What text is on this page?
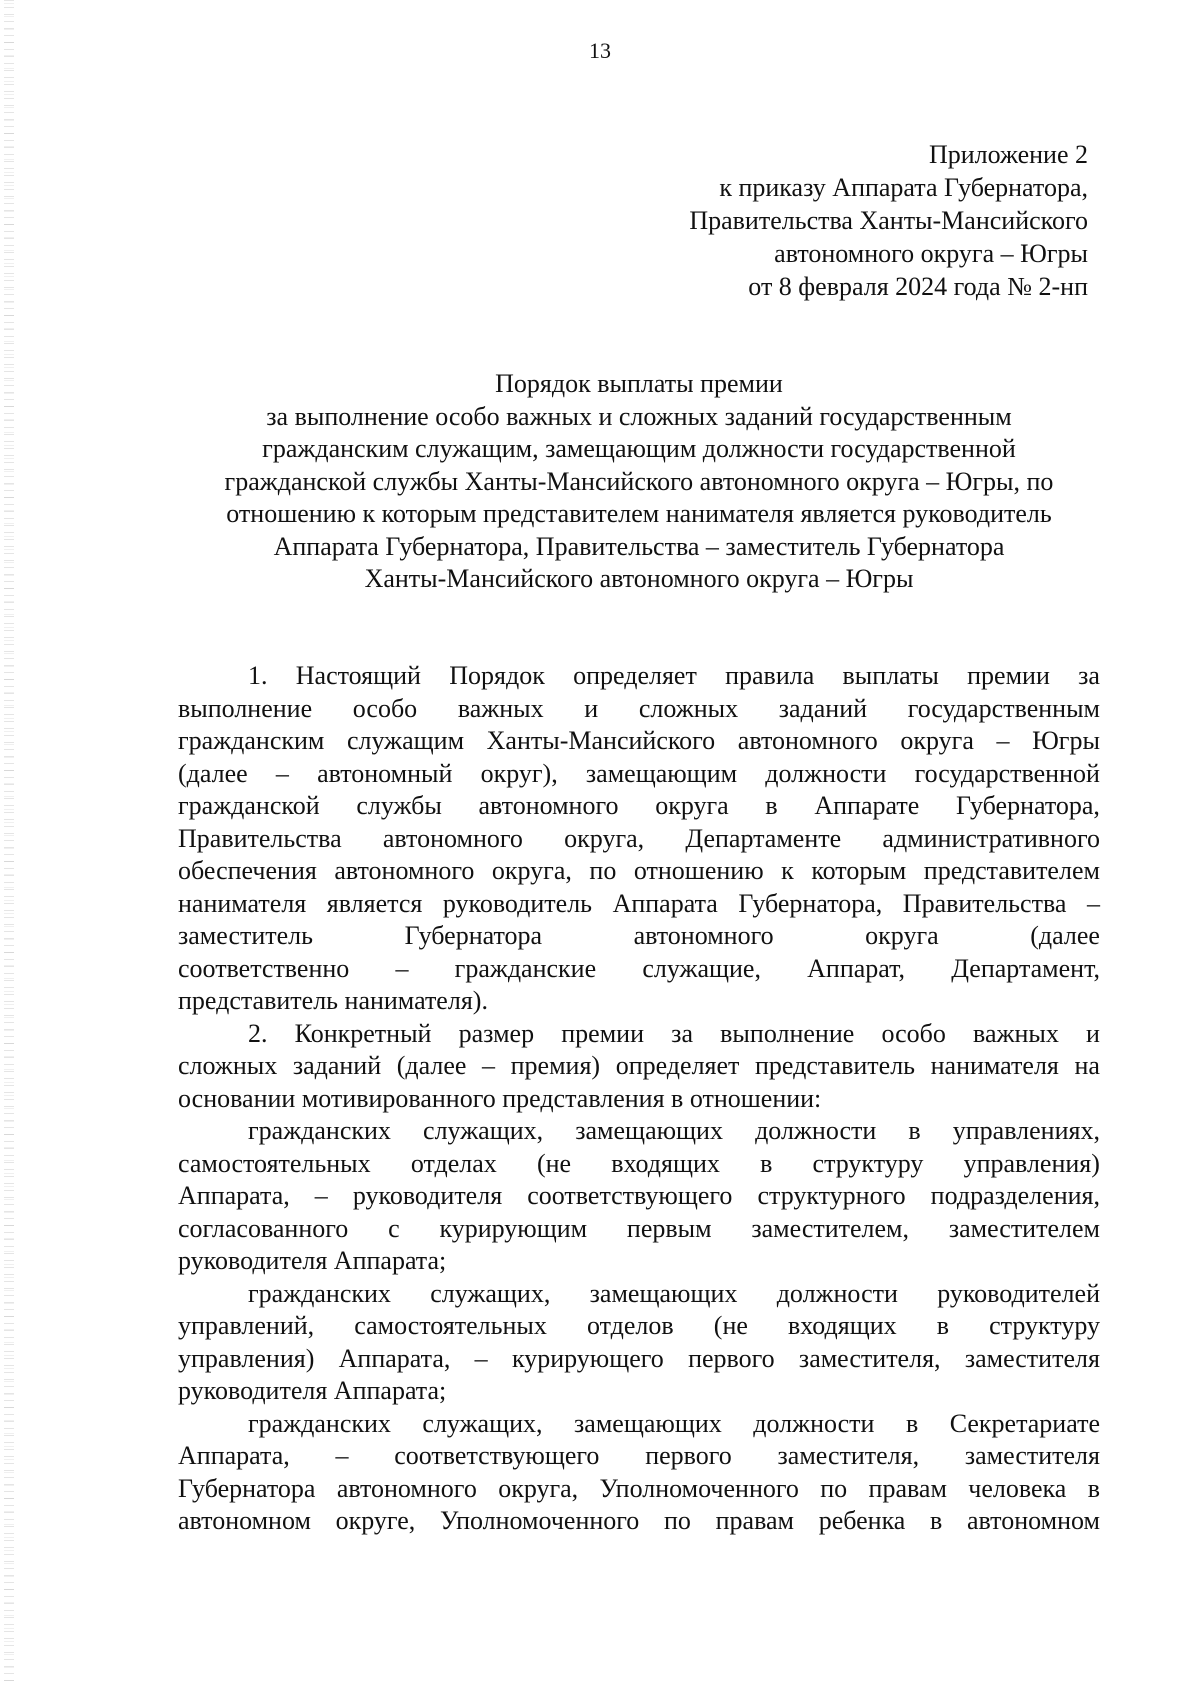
13
Приложение 2
к приказу Аппарата Губернатора,
Правительства Ханты-Мансийского
автономного округа – Югры
от 8 февраля 2024 года № 2-нп
Порядок выплаты премии
за выполнение особо важных и сложных заданий государственным
гражданским служащим, замещающим должности государственной
гражданской службы Ханты-Мансийского автономного округа – Югры, по
отношению к которым представителем нанимателя является руководитель
Аппарата Губернатора, Правительства – заместитель Губернатора
Ханты-Мансийского автономного округа – Югры
1. Настоящий Порядок определяет правила выплаты премии за
выполнение особо важных и сложных заданий государственным
гражданским служащим Ханты-Мансийского автономного округа – Югры
(далее – автономный округ), замещающим должности государственной
гражданской службы автономного округа в Аппарате Губернатора,
Правительства автономного округа, Департаменте административного
обеспечения автономного округа, по отношению к которым представителем
нанимателя является руководитель Аппарата Губернатора, Правительства –
заместитель	Губернатора	автономного	округа	(далее
соответственно – гражданские служащие, Аппарат, Департамент,
представитель нанимателя).
2. Конкретный размер премии за выполнение особо важных и
сложных заданий (далее – премия) определяет представитель нанимателя на
основании мотивированного представления в отношении:
гражданских служащих, замещающих должности в управлениях,
самостоятельных отделах (не входящих в структуру управления)
Аппарата, – руководителя соответствующего структурного подразделения,
согласованного с курирующим первым заместителем, заместителем
руководителя Аппарата;
гражданских служащих, замещающих должности руководителей
управлений, самостоятельных отделов (не входящих в структуру
управления) Аппарата, – курирующего первого заместителя, заместителя
руководителя Аппарата;
гражданских служащих, замещающих должности в Секретариате
Аппарата, – соответствующего первого заместителя, заместителя
Губернатора автономного округа, Уполномоченного по правам человека в
автономном округе, Уполномоченного по правам ребенка в автономном
